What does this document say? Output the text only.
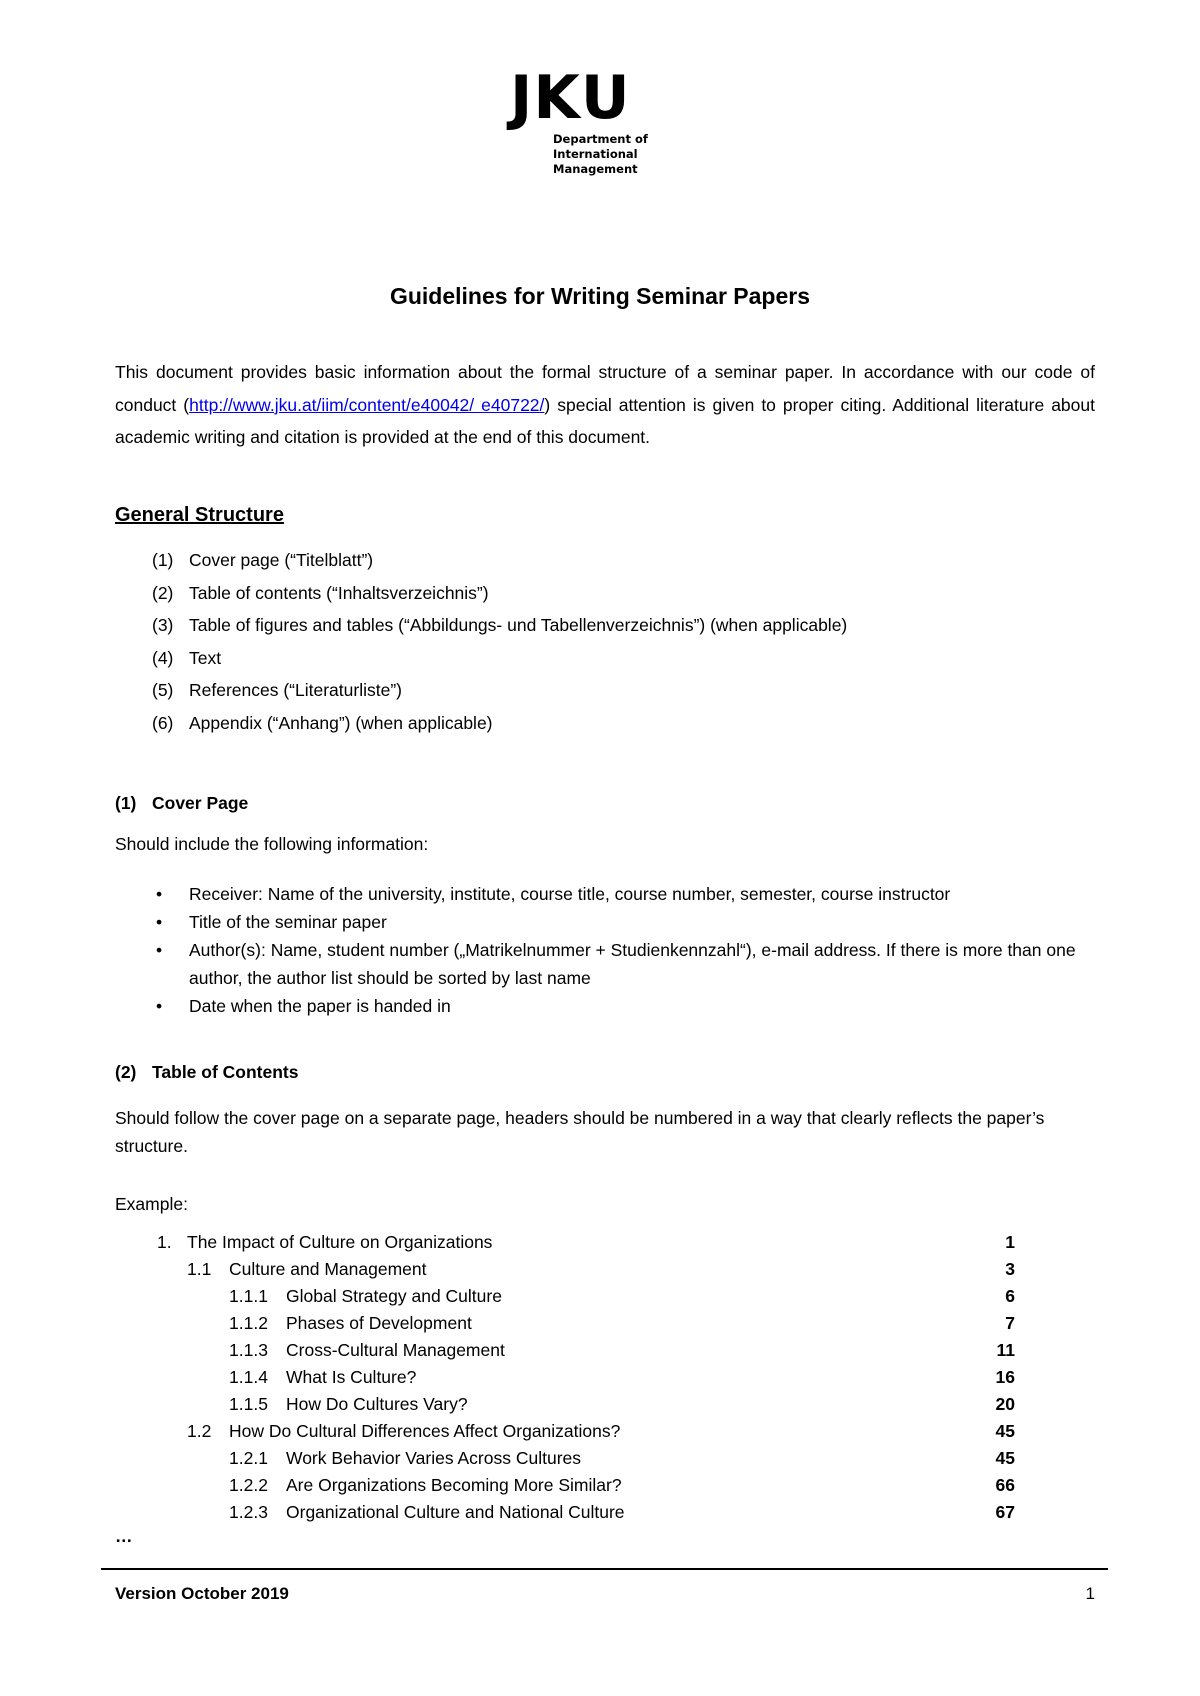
JKU
Department of
International
Management
Guidelines for Writing Seminar Papers
This document provides basic information about the formal structure of a seminar paper. In accordance with our code of conduct (http://www.jku.at/iim/content/e40042/ e40722/) special attention is given to proper citing. Additional literature about academic writing and citation is provided at the end of this document.
General Structure
(1) Cover page (“Titelblatt”)
(2) Table of contents (“Inhaltsverzeichnis”)
(3) Table of figures and tables (“Abbildungs- und Tabellenverzeichnis”) (when applicable)
(4) Text
(5) References (“Literaturliste”)
(6) Appendix (“Anhang”) (when applicable)
(1) Cover Page
Should include the following information:
• Receiver: Name of the university, institute, course title, course number, semester, course instructor
• Title of the seminar paper
• Author(s): Name, student number („Matrikelnummer + Studienkennzahl“), e-mail address. If there is more than one author, the author list should be sorted by last name
• Date when the paper is handed in
(2) Table of Contents
Should follow the cover page on a separate page, headers should be numbered in a way that clearly reflects the paper’s structure.
Example:
1. The Impact of Culture on Organizations	1
1.1 Culture and Management	3
1.1.1 Global Strategy and Culture	6
1.1.2 Phases of Development	7
1.1.3 Cross-Cultural Management	11
1.1.4 What Is Culture?	16
1.1.5 How Do Cultures Vary?	20
1.2 How Do Cultural Differences Affect Organizations?	45
1.2.1 Work Behavior Varies Across Cultures	45
1.2.2 Are Organizations Becoming More Similar?	66
1.2.3 Organizational Culture and National Culture	67
…
Version October 2019	1
